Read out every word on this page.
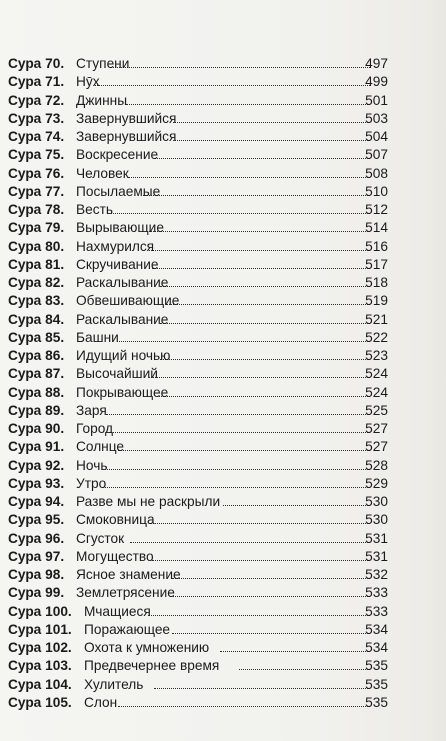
Сура 70. Ступени	497
Сура 71. Нӯх	499
Сура 72. Джинны	501
Сура 73. Завернувшийся	503
Сура 74. Завернувшийся	504
Сура 75. Воскресение	507
Сура 76. Человек	508
Сура 77. Посылаемые	510
Сура 78. Весть	512
Сура 79. Вырывающие	514
Сура 80. Нахмурился	516
Сура 81. Скручивание	517
Сура 82. Раскалывание	518
Сура 83. Обвешивающие	519
Сура 84. Раскалывание	521
Сура 85. Башни	522
Сура 86. Идущий ночью	523
Сура 87. Высочайший	524
Сура 88. Покрывающее	524
Сура 89. Заря	525
Сура 90. Город	527
Сура 91. Солнце	527
Сура 92. Ночь	528
Сура 93. Утро	529
Сура 94. Разве мы не раскрыли	530
Сура 95. Смоковница	530
Сура 96. Сгусток	531
Сура 97. Могущество	531
Сура 98. Ясное знамение	532
Сура 99. Землетрясение	533
Сура 100. Мчащиеся	533
Сура 101. Поражающее	534
Сура 102. Охота к умножению	534
Сура 103. Предвечернее время	535
Сура 104. Хулитель	535
Сура 105. Слон	535
